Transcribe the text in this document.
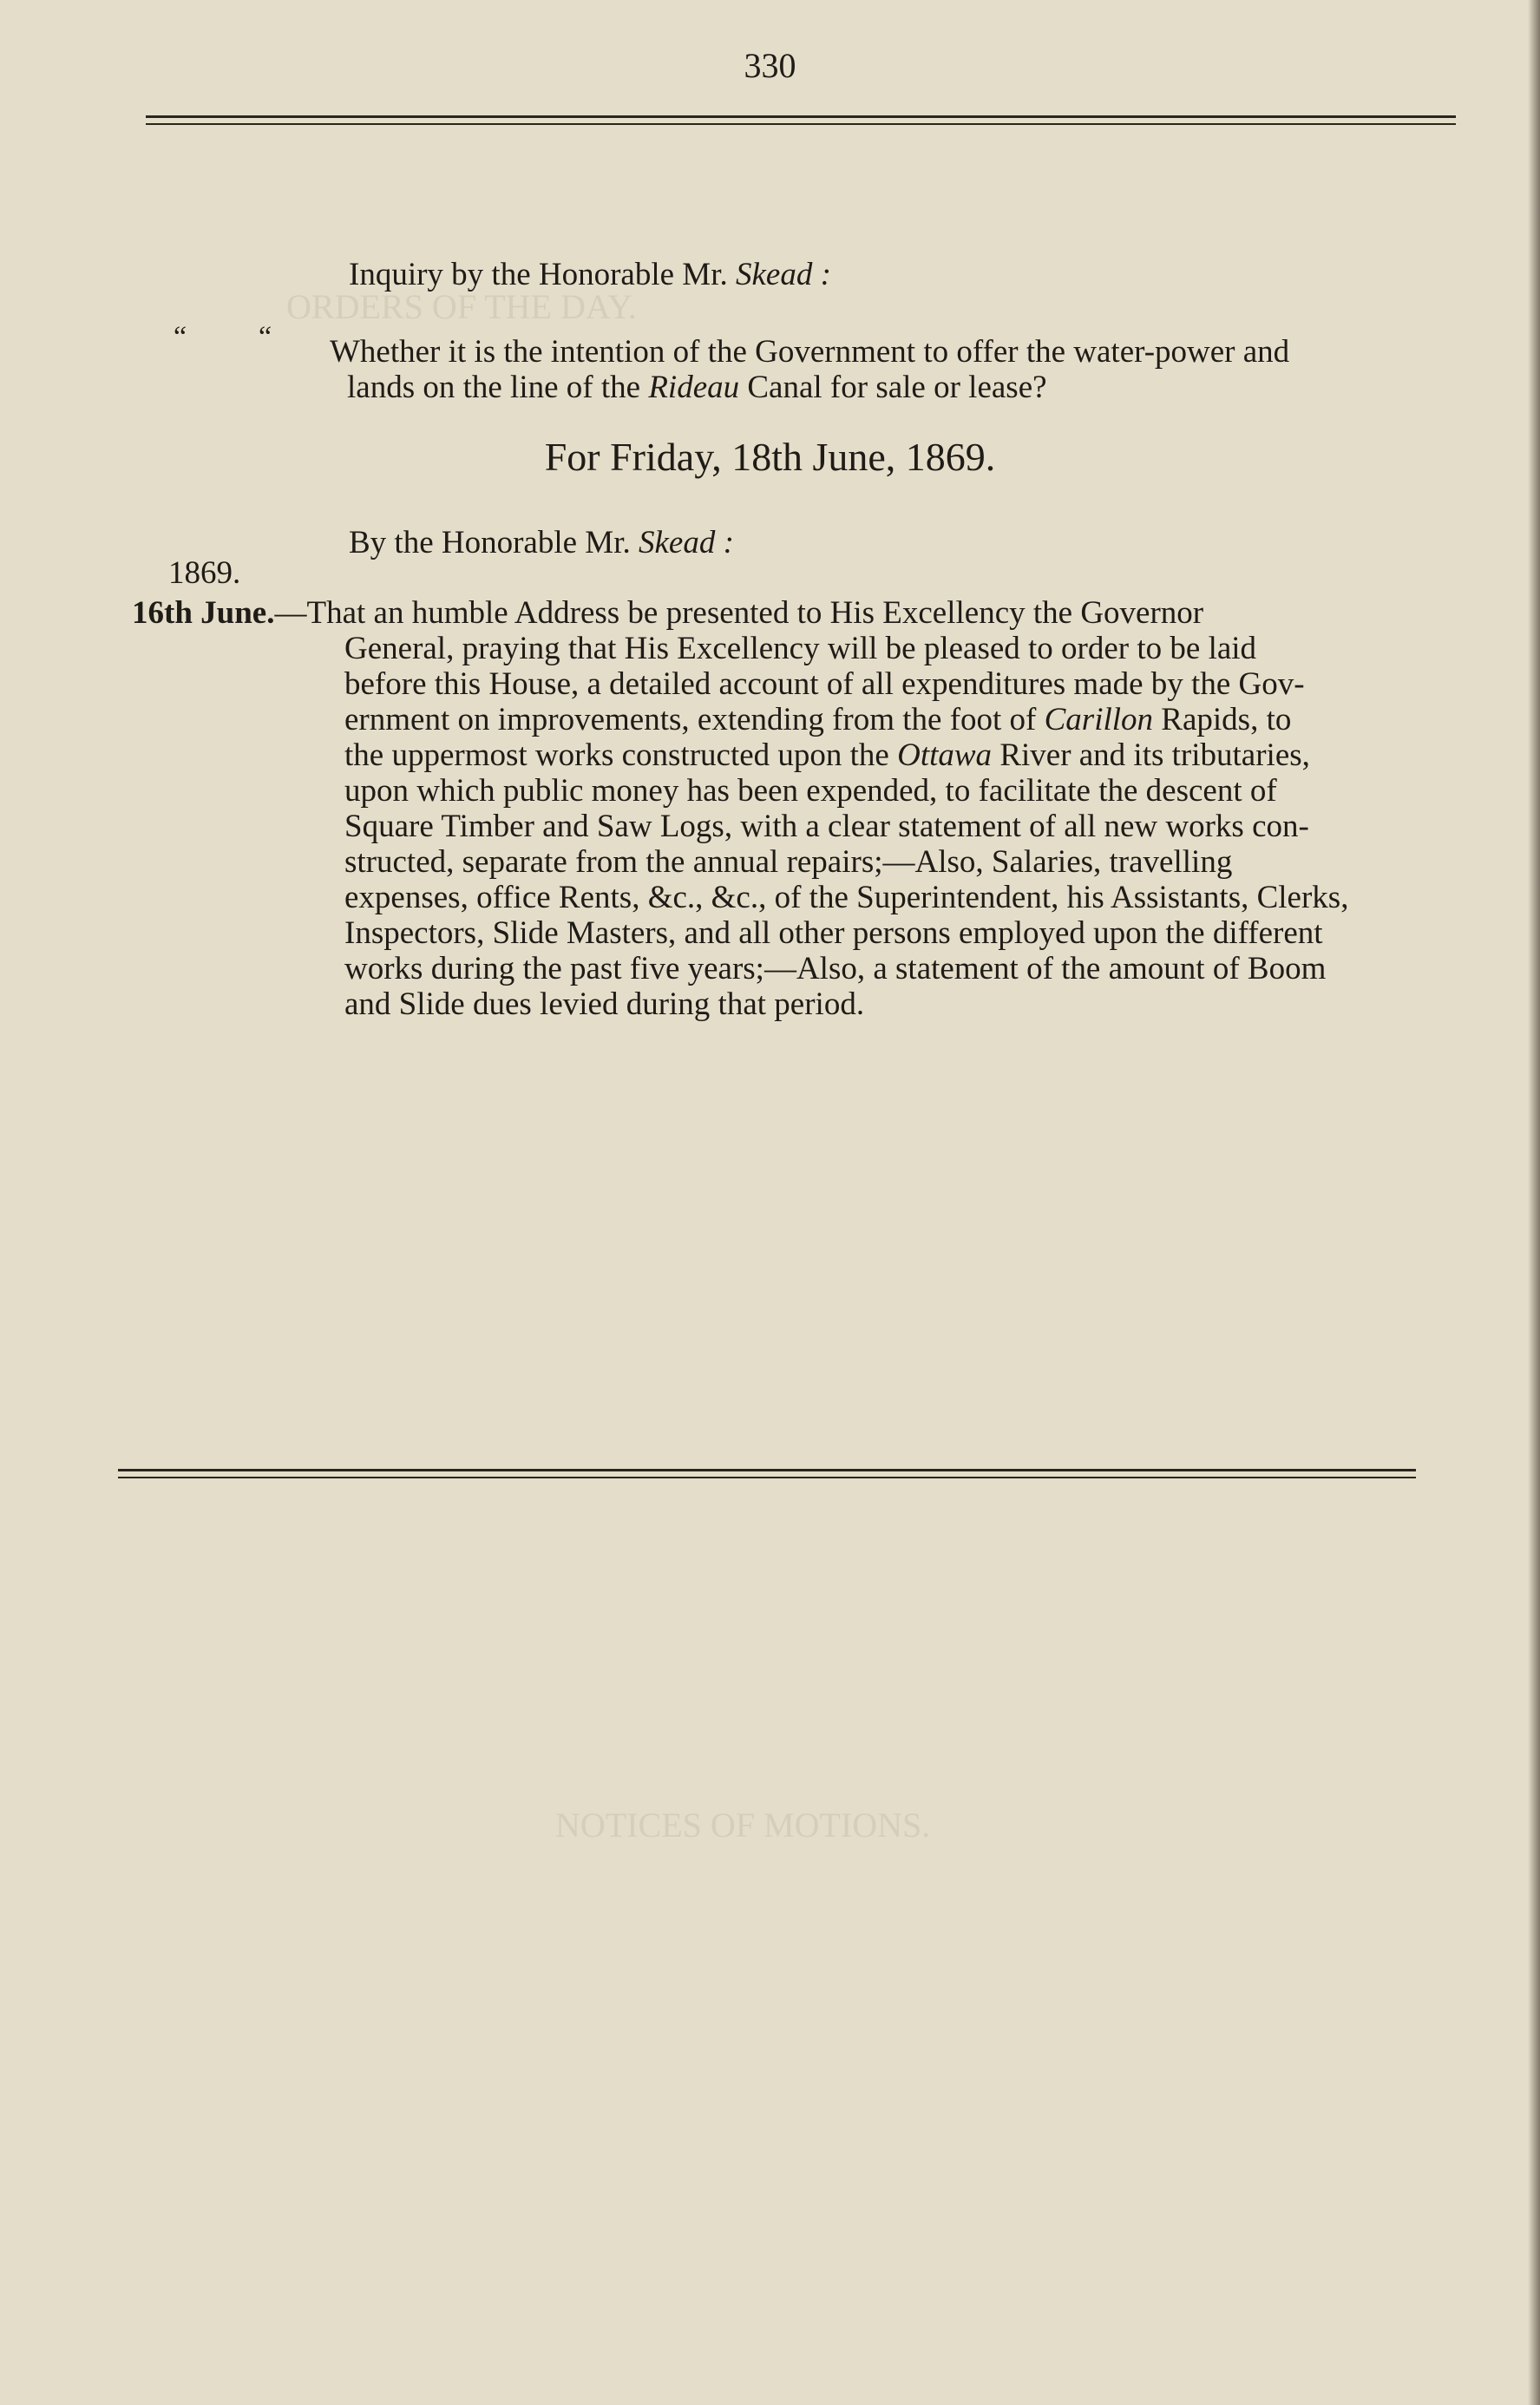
ORDERS OF THE DAY.
NOTICES OF MOTIONS.
330
Inquiry by the Honorable Mr. Skead :
“ “ Whether it is the intention of the Government to offer the water-power and
lands on the line of the Rideau Canal for sale or lease?
For Friday, 18th June, 1869.
By the Honorable Mr. Skead :
1869.
16th June.—That an humble Address be presented to His Excellency the Governor
General, praying that His Excellency will be pleased to order to be laid
before this House, a detailed account of all expenditures made by the Gov-
ernment on improvements, extending from the foot of Carillon Rapids, to
the uppermost works constructed upon the Ottawa River and its tributaries,
upon which public money has been expended, to facilitate the descent of
Square Timber and Saw Logs, with a clear statement of all new works con-
structed, separate from the annual repairs;—Also, Salaries, travelling
expenses, office Rents, &c., &c., of the Superintendent, his Assistants, Clerks,
Inspectors, Slide Masters, and all other persons employed upon the different
works during the past five years;—Also, a statement of the amount of Boom
and Slide dues levied during that period.
